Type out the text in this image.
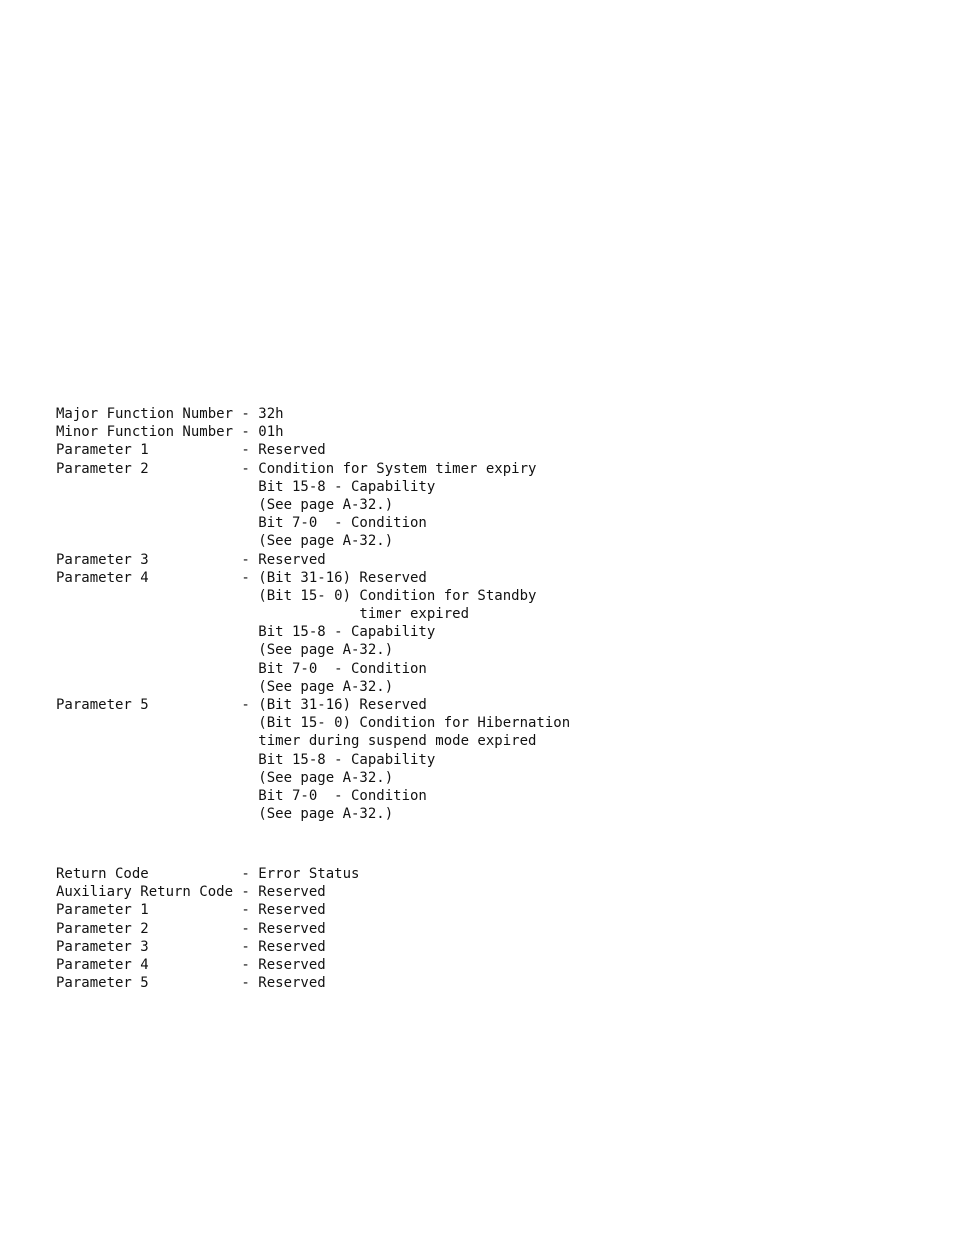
Major Function Number - 32h
Minor Function Number - 01h
Parameter 1           - Reserved
Parameter 2           - Condition for System timer expiry
Bit 15-8 - Capability
(See page A-32.)
Bit 7-0  - Condition
(See page A-32.)
Parameter 3           - Reserved
Parameter 4           - (Bit 31-16) Reserved
(Bit 15- 0) Condition for Standby
timer expired
Bit 15-8 - Capability
(See page A-32.)
Bit 7-0  - Condition
(See page A-32.)
Parameter 5           - (Bit 31-16) Reserved
(Bit 15- 0) Condition for Hibernation
timer during suspend mode expired
Bit 15-8 - Capability
(See page A-32.)
Bit 7-0  - Condition
(See page A-32.)
Return Code           - Error Status
Auxiliary Return Code - Reserved
Parameter 1           - Reserved
Parameter 2           - Reserved
Parameter 3           - Reserved
Parameter 4           - Reserved
Parameter 5           - Reserved
